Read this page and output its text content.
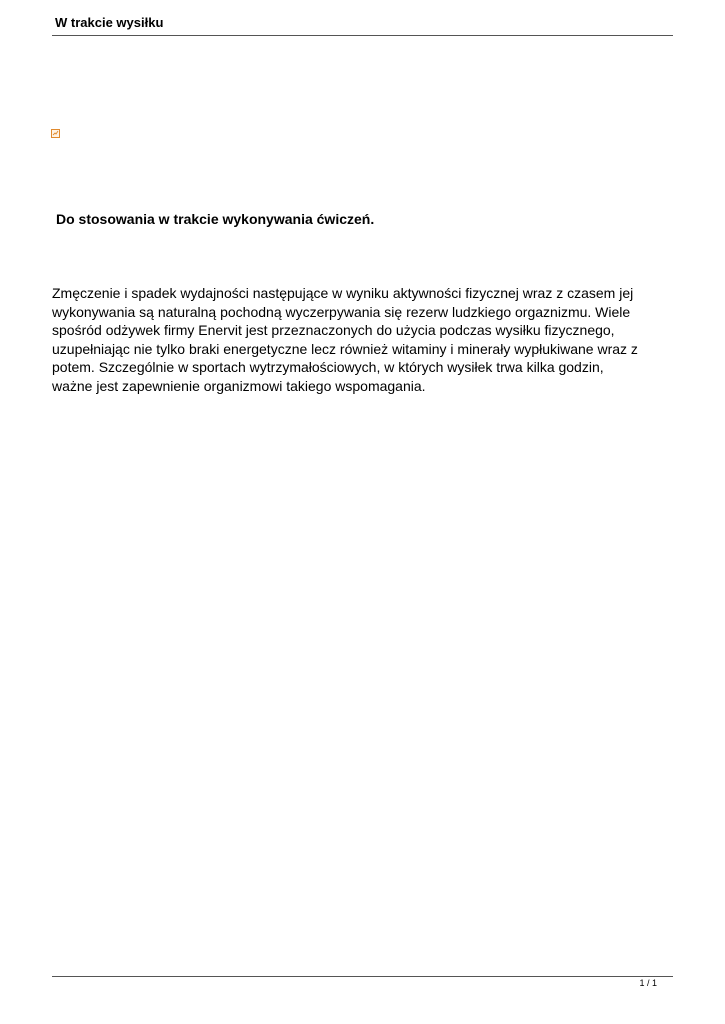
W trakcie wysiłku
Do stosowania w trakcie wykonywania ćwiczeń.
Zmęczenie i spadek wydajności następujące w wyniku aktywności fizycznej wraz z czasem jej
wykonywania są naturalną pochodną wyczerpywania się rezerw ludzkiego orgaznizmu. Wiele
spośród odżywek firmy Enervit jest przeznaczonych do użycia podczas wysiłku fizycznego,
uzupełniając nie tylko braki energetyczne lecz również witaminy i minerały wypłukiwane wraz z
potem. Szczególnie w sportach wytrzymałościowych, w których wysiłek trwa kilka godzin,
ważne jest zapewnienie organizmowi takiego wspomagania.
1 / 1
